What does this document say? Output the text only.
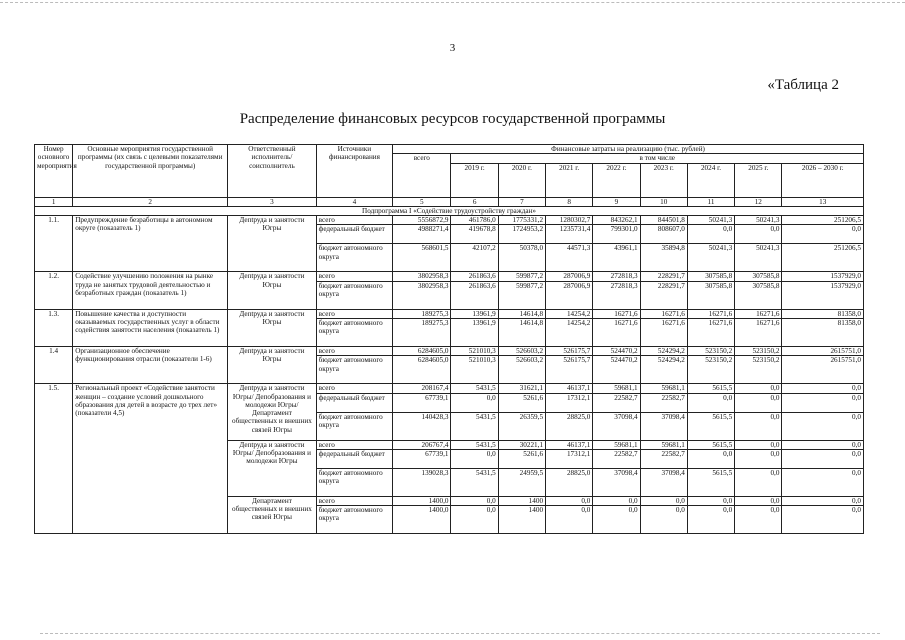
3
«Таблица 2
Распределение финансовых ресурсов государственной программы
Номер основного мероприятия	Основные мероприятия государственной программы (их связь с целевыми показателями государственной программы)	Ответственный исполнитель/ соисполнитель	Источники финансирования	Финансовые затраты на реализацию (тыс. рублей)								
				всего	в том числе							
					2019 г.	2020 г.	2021 г.	2022 г.	2023 г.	2024 г.	2025 г.	2026 – 2030 г.
1	2	3	4	5	6	7	8	9	10	11	12	13
Подпрограмма I «Содействие трудоустройству граждан»												
1.1.	Предупреждение безработицы в автономном округе (показатель 1)	Депtруда и занятости Югры	всего	5556872,9	461786,0	1775331,2	1280302,7	843262,1	844501,8	50241,3	50241,3	251206,5
			федеральный бюджет	4988271,4	419678,8	1724953,2	1235731,4	799301,0	808607,0	0,0	0,0	0,0
			бюджет автономного округа	568601,5	42107,2	50378,0	44571,3	43961,1	35894,8	50241,3	50241,3	251206,5
1.2.	Содействие улучшению положения на рынке труда не занятых трудовой деятельностью и безработных граждан (показатель 1)	Депtруда и занятости Югры	всего	3802958,3	261863,6	599877,2	287006,9	272818,3	228291,7	307585,8	307585,8	1537929,0
			бюджет автономного округа	3802958,3	261863,6	599877,2	287006,9	272818,3	228291,7	307585,8	307585,8	1537929,0
1.3.	Повышение качества и доступности оказываемых государственных услуг в области содействия занятости населения (показатель 1)	Депtруда и занятости Югры	всего	189275,3	13961,9	14614,8	14254,2	16271,6	16271,6	16271,6	16271,6	81358,0
			бюджет автономного округа	189275,3	13961,9	14614,8	14254,2	16271,6	16271,6	16271,6	16271,6	81358,0
1.4	Организационное обеспечение функционирования отрасли (показатели 1-6)	Депtруда и занятости Югры	всего	6284605,0	521010,3	526603,2	526175,7	524470,2	524294,2	523150,2	523150,2	2615751,0
			бюджет автономного округа	6284605,0	521010,3	526603,2	526175,7	524470,2	524294,2	523150,2	523150,2	2615751,0
1.5.	Региональный проект «Содействие занятости женщин – создание условий дошкольного образования для детей в возрасте до трех лет» (показатели 4,5)	Депtруда и занятости Югры/ Депобразования и молодежи Югры/ Департамент общественных и внешних связей Югры	всего	208167,4	5431,5	31621,1	46137,1	59681,1	59681,1	5615,5	0,0	0,0
			федеральный бюджет	67739,1	0,0	5261,6	17312,1	22582,7	22582,7	0,0	0,0	0,0
			бюджет автономного округа	140428,3	5431,5	26359,5	28825,0	37098,4	37098,4	5615,5	0,0	0,0
		Депtруда и занятости Югры/ Депобразования и молодежи Югры	всего	206767,4	5431,5	30221,1	46137,1	59681,1	59681,1	5615,5	0,0	0,0
			федеральный бюджет	67739,1	0,0	5261,6	17312,1	22582,7	22582,7	0,0	0,0	0,0
			бюджет автономного округа	139028,3	5431,5	24959,5	28825,0	37098,4	37098,4	5615,5	0,0	0,0
		Департамент общественных и внешних связей Югры	всего	1400,0	0,0	1400	0,0	0,0	0,0	0,0	0,0	0,0
			бюджет автономного округа	1400,0	0,0	1400	0,0	0,0	0,0	0,0	0,0	0,0
